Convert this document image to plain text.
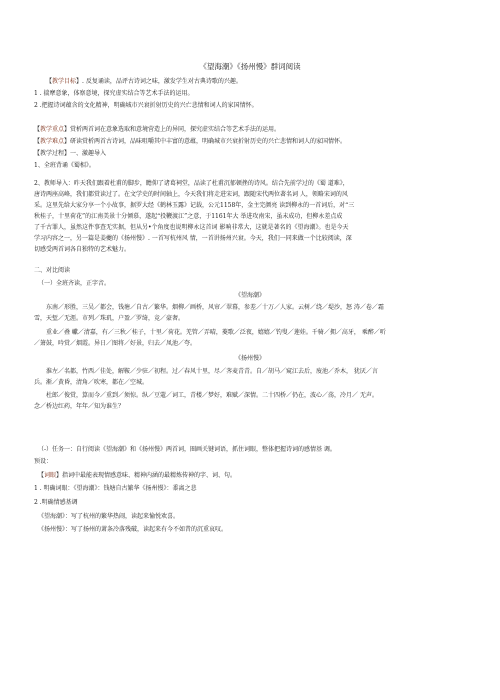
《望海潮》《扬州慢》群词阅读
【教学目标】. 反复诵读，品评古诗词之味，激发学生对古典诗歌的兴趣。
1 . 揣摩意象，体察意境，探究虚实结合等艺术手法的运用。
2 .把握诗词蕴含的文化精神，明确城市兴衰折射历史的兴亡悲情和词人的家国情怀。
【教学重点】赏析两首词在意象选取和意境营造上的异同，探究虚实结合等艺术手法的运用。
【教学难点】研读赏析两首古诗词，品味咀嚼其中丰富的意蕴，明确城市兴衰折射历史的兴亡悲情和词人的家国情怀。
【教学过程】一、激趣导入
1、全班背诵《蜀相》。
2、教师导入：昨天我们跟着杜甫的脚步，瞻仰了诸葛祠堂，品读了杜甫沉郁顿挫的诗风。结合先前学过的《蜀 道难》，
唐诗两座高峰，我们都赏读过了。在文学史的时间轴上，今天我们将走进宋词，跟随宋代两位著名词 人，领略宋词的风
采。这里先给大家分享一个小故事，据罗大经《鹤林玉露》记载，公元1158年，金主完颜亮 读到柳永的一首词后，对“三
秋桂子，十里荷花”的江南美景十分倾慕，遂起“投鞭渡江”之意，于1161年大 举进攻南宋，虽未成功，但柳永差点成
了千古罪人，虽然这件事查无实据，但从另•个角度也说明柳永这首词 影响非常大，这就是著名的《望海潮》。也是今天
学习内容之一，另一篇是姜夔的《扬州慢》. 一首写杭州风 情，一首讲扬州兴衰。今天，我们一同来做一个比较阅读，深
切感受两首词各自独特的艺术魅力。
二、对比阅读
（一）全班齐读，正字音。
《望海潮》
东南／形胜，三吴／都会，钱塘／自古／繁华。烟柳／画桥，风帘／翠幕，参差／十万／人家。云树／绕／堤沙，怒 涛／卷／霜
雪，天堑／无涯。市列／珠玑，户盈／罗绮，竞／豪奢。
重业／叠 巘／清嘉，有／三秋／桂子，十里／荷花。羌管／弄晴，菱歌／泛夜，嬉嬉／钓叟／莲娃。千骑／拥／高牙， 乘醉／听
／箫鼓，吟赏／烟霞。异日／图将／好景，归去／凤池／夸。
《扬州慢》
淮左／名都，竹西／佳处，解鞍／少驻／初程。过／春风十里，尽／荠麦青青。自／胡马／窥江去后，废池／乔木， 犹厌／言
兵。渐／黄昏，清角／吹寒，都在／空城。
杜郎／俊赏，算而今／重到／须惊。纵／豆蔻／词工，青楼／梦好，难赋／深情。二十四桥／仍在，波心／荡，冷月／ 无声。
念／桥边红药，年年／知为谁生？
（-）任务一：自行阅读《望海潮》和《扬州慢》两首词，圈画关键词语，抓住词眼，整体把握诗词的感情基 调。
预设：
【词眼】指词中最能表现情感意味、精神内涵的最精炼传神的字、词、句。
1 . 明确词眼：《望海潮》：钱塘自古繁华《扬州慢》：黍离之悲
2 .明确情感基调
《望海潮》：写了杭州的繁华热闹，读起来愉悦欢喜。
《扬州慢》：写了扬州的萧条冷落残破，读起来有今不如昔的沉重哀叹。
